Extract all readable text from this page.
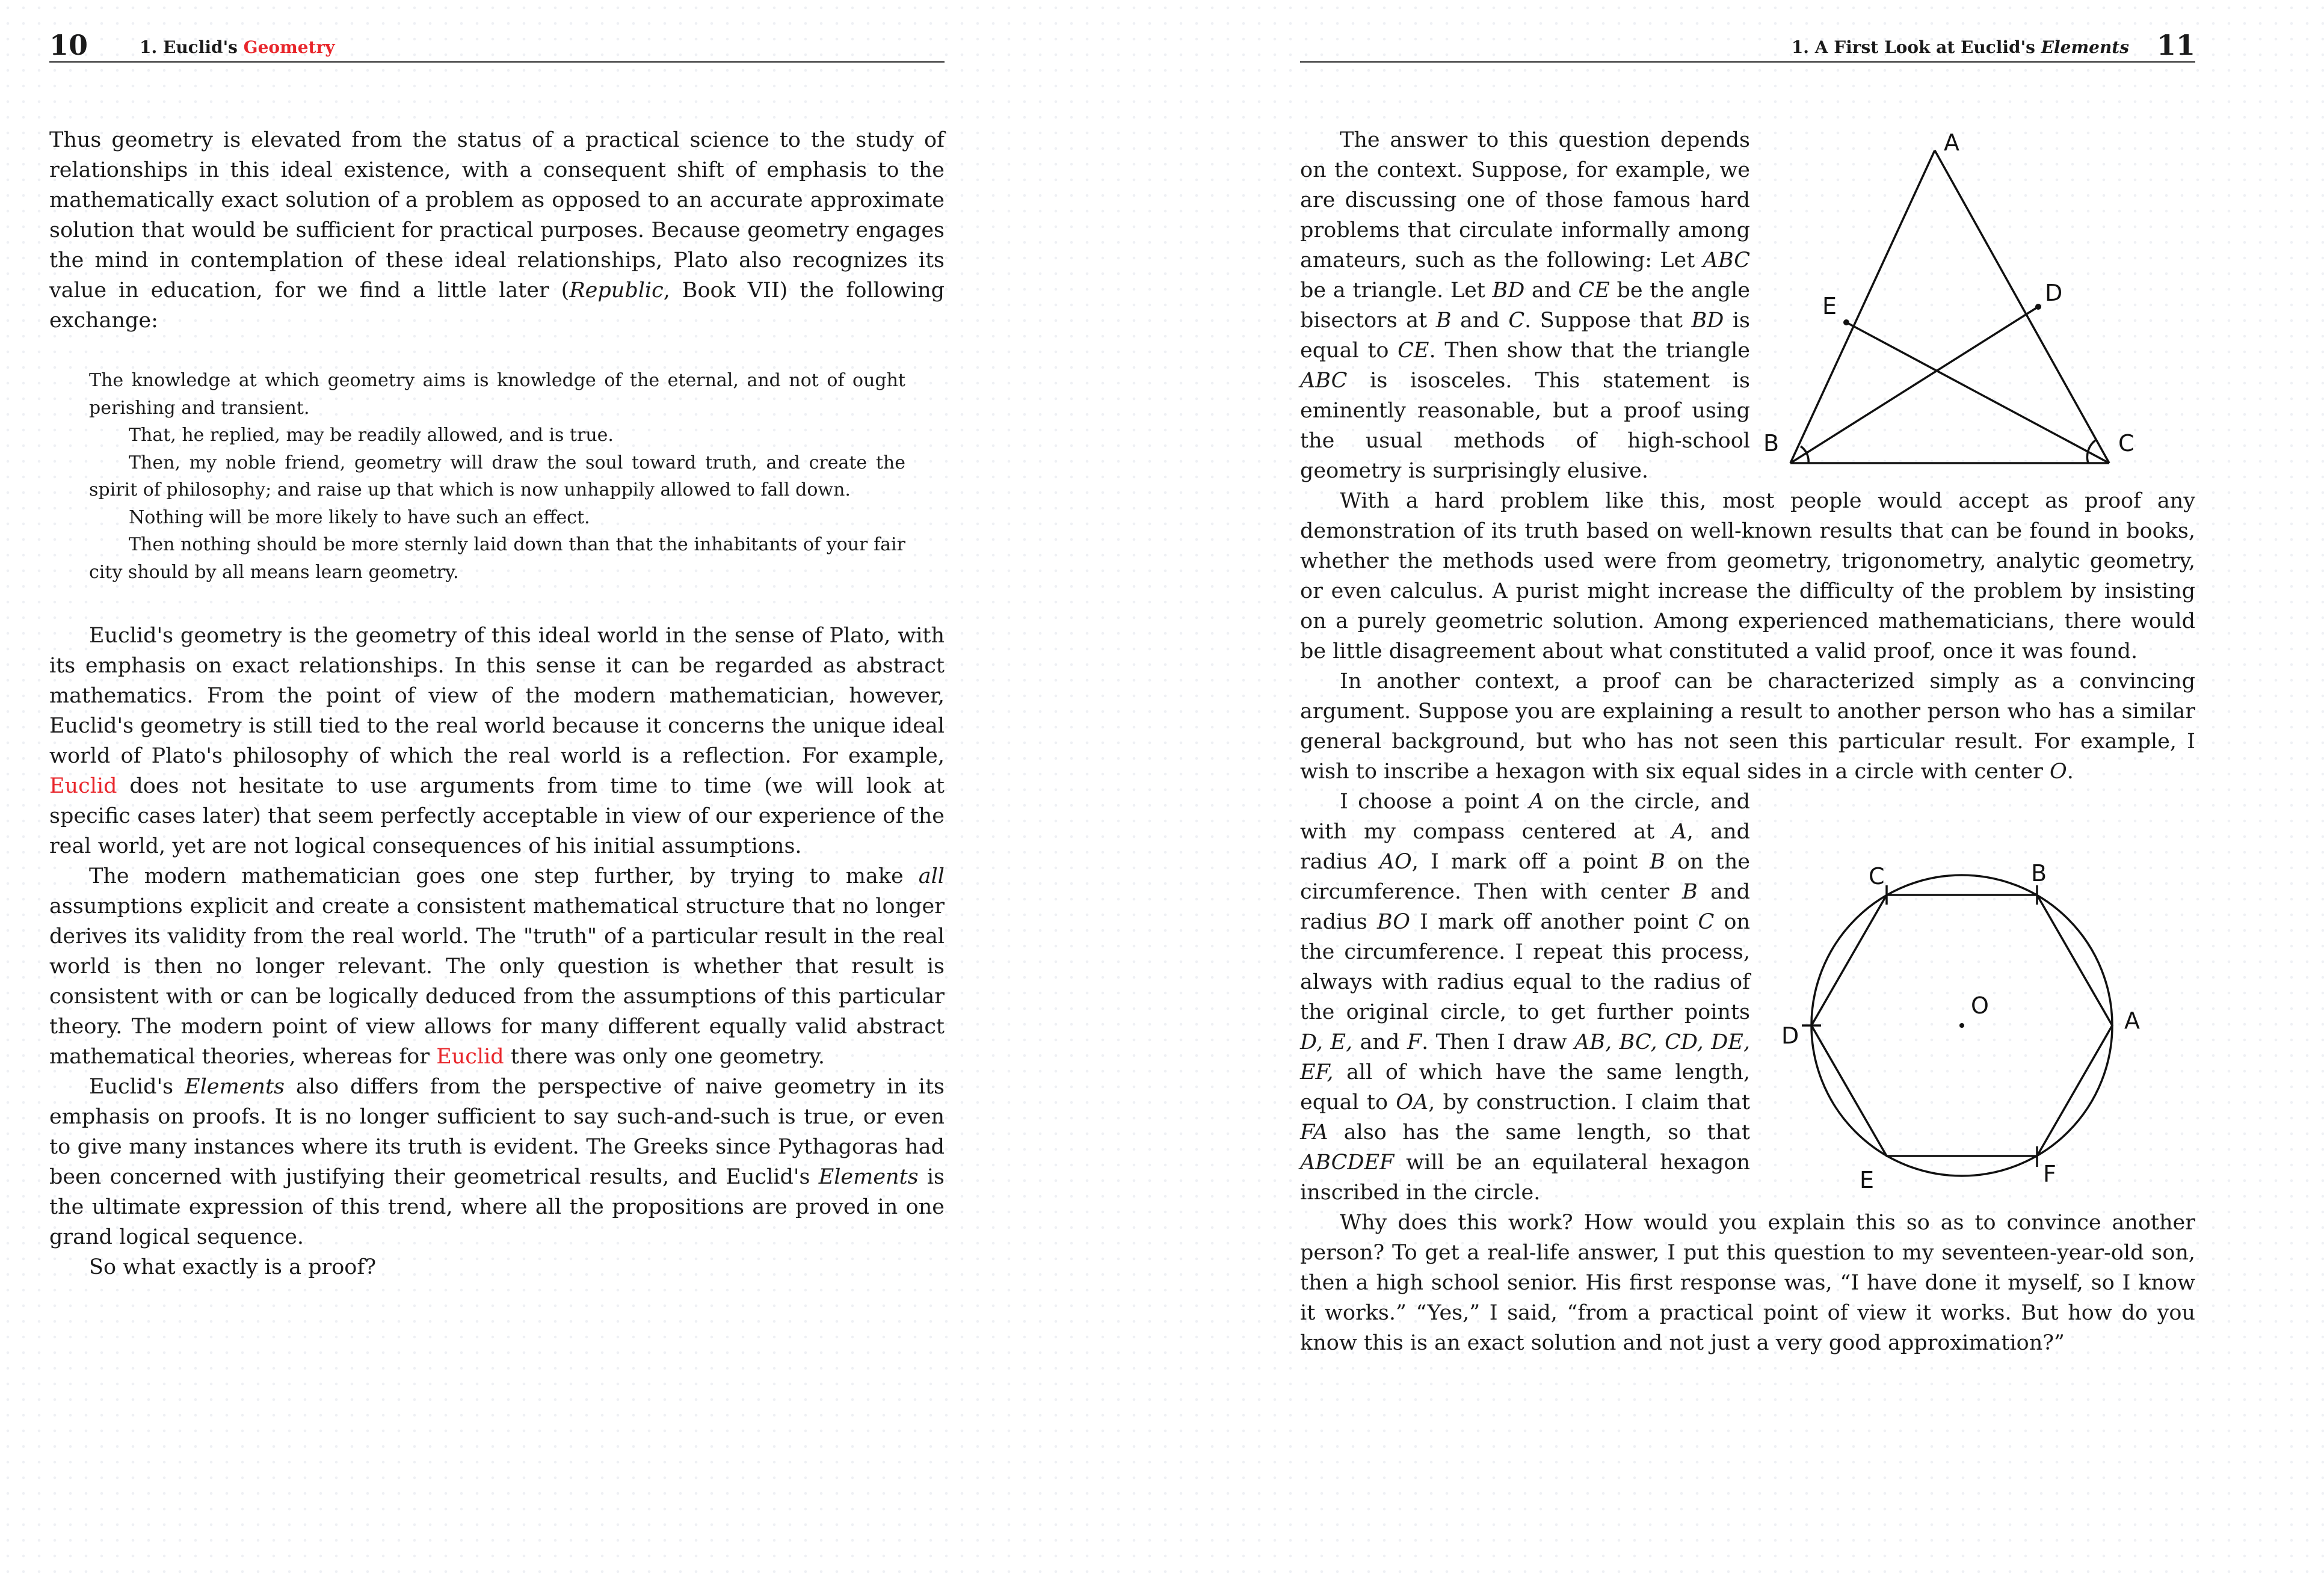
10	1. Euclid's Geometry

Thus geometry is elevated from the status of a practical science to the study of relationships in this ideal existence, with a consequent shift of emphasis to the mathematically exact solution of a problem as opposed to an accurate approximate solution that would be sufficient for practical purposes. Because geometry engages the mind in contemplation of these ideal relationships, Plato also recognizes its value in education, for we find a little later (Republic, Book VII) the following exchange:

The knowledge at which geometry aims is knowledge of the eternal, and not of ought perishing and transient.

That, he replied, may be readily allowed, and is true.

Then, my noble friend, geometry will draw the soul toward truth, and create the spirit of philosophy; and raise up that which is now unhappily allowed to fall down.

Nothing will be more likely to have such an effect.

Then nothing should be more sternly laid down than that the inhabitants of your fair city should by all means learn geometry.

Euclid's geometry is the geometry of this ideal world in the sense of Plato, with its emphasis on exact relationships. In this sense it can be regarded as abstract mathematics. From the point of view of the modern mathematician, however, Euclid's geometry is still tied to the real world because it concerns the unique ideal world of Plato's philosophy of which the real world is a reflection. For example, Euclid does not hesitate to use arguments from time to time (we will look at specific cases later) that seem perfectly acceptable in view of our experience of the real world, yet are not logical consequences of his initial assumptions.

The modern mathematician goes one step further, by trying to make all assumptions explicit and create a consistent mathematical structure that no longer derives its validity from the real world. The "truth" of a particular result in the real world is then no longer relevant. The only question is whether that result is consistent with or can be logically deduced from the assumptions of this particular theory. The modern point of view allows for many different equally valid abstract mathematical theories, whereas for Euclid there was only one geometry.

Euclid's Elements also differs from the perspective of naive geometry in its emphasis on proofs. It is no longer sufficient to say such-and-such is true, or even to give many instances where its truth is evident. The Greeks since Pythagoras had been concerned with justifying their geometrical results, and Euclid's Elements is the ultimate expression of this trend, where all the propositions are proved in one grand logical sequence.

So what exactly is a proof?

1. A First Look at Euclid's Elements 11

The answer to this question depends on the context. Suppose, for example, we are discussing one of those famous hard problems that circulate informally among amateurs, such as the following: Let ABC be a triangle. Let BD and CE be the angle bisectors at B and C. Suppose that BD is equal to CE. Then show that the triangle ABC is isosceles. This statement is eminently reasonable, but a proof using the usual methods of high-school geometry is surprisingly elusive.

With a hard problem like this, most people would accept as proof any demonstration of its truth based on well-known results that can be found in books, whether the methods used were from geometry, trigonometry, analytic geometry, or even calculus. A purist might increase the difficulty of the problem by insisting on a purely geometric solution. Among experienced mathematicians, there would be little disagreement about what constituted a valid proof, once it was found.

In another context, a proof can be characterized simply as a convincing argument. Suppose you are explaining a result to another person who has a similar general background, but who has not seen this particular result. For example, I wish to inscribe a hexagon with six equal sides in a circle with center O.

I choose a point A on the circle, and with my compass centered at A, and radius AO, I mark off a point B on the circumference. Then with center B and radius BO I mark off another point C on the circumference. I repeat this process, always with radius equal to the radius of the original circle, to get further points D, E, and F. Then I draw AB, BC, CD, DE, EF, all of which have the same length, equal to OA, by construction. I claim that FA also has the same length, so that ABCDEF will be an equilateral hexagon inscribed in the circle.

Why does this work? How would you explain this so as to convince another person? To get a real-life answer, I put this question to my seventeen-year-old son, then a high school senior. His first response was, “I have done it myself, so I know it works.” “Yes,” I said, “from a practical point of view it works. But how do you know this is an exact solution and not just a very good approximation?”

A
B	C
D
E
A
B
C
D
E	F
O
